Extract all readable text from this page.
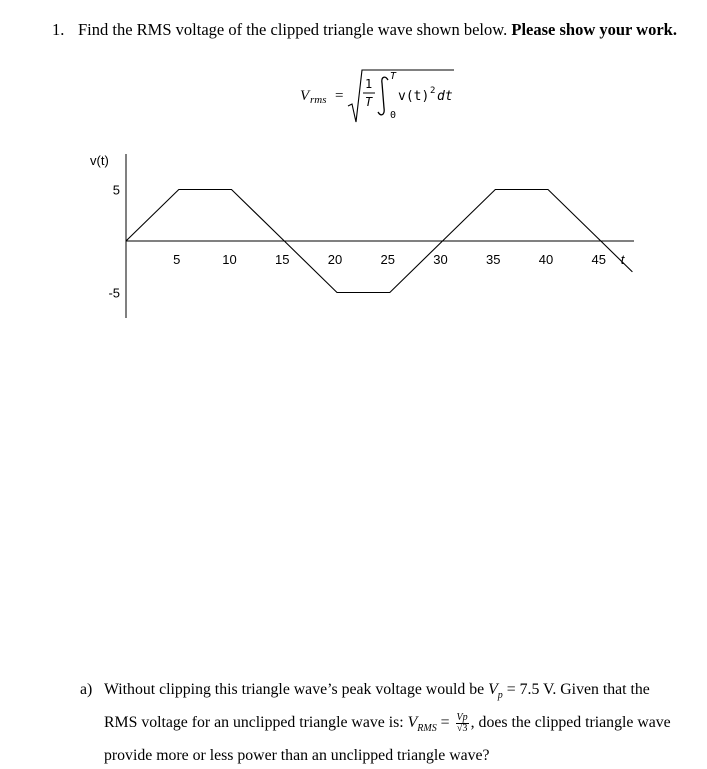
1. Find the RMS voltage of the clipped triangle wave shown below. Please show your work.
V rms =
1
T
T
0
v(t) 2 dt
v(t)
t
5
-5
5	10	15	20	25	30	35	40	45
a) Without clipping this triangle wave’s peak voltage would be $V_p = 7.5$ V. Given that the
RMS voltage for an unclipped triangle wave is: $V_{RMS} = \frac{Vp}{√3}$ , does the clipped triangle wave
provide more or less power than an unclipped triangle wave?
